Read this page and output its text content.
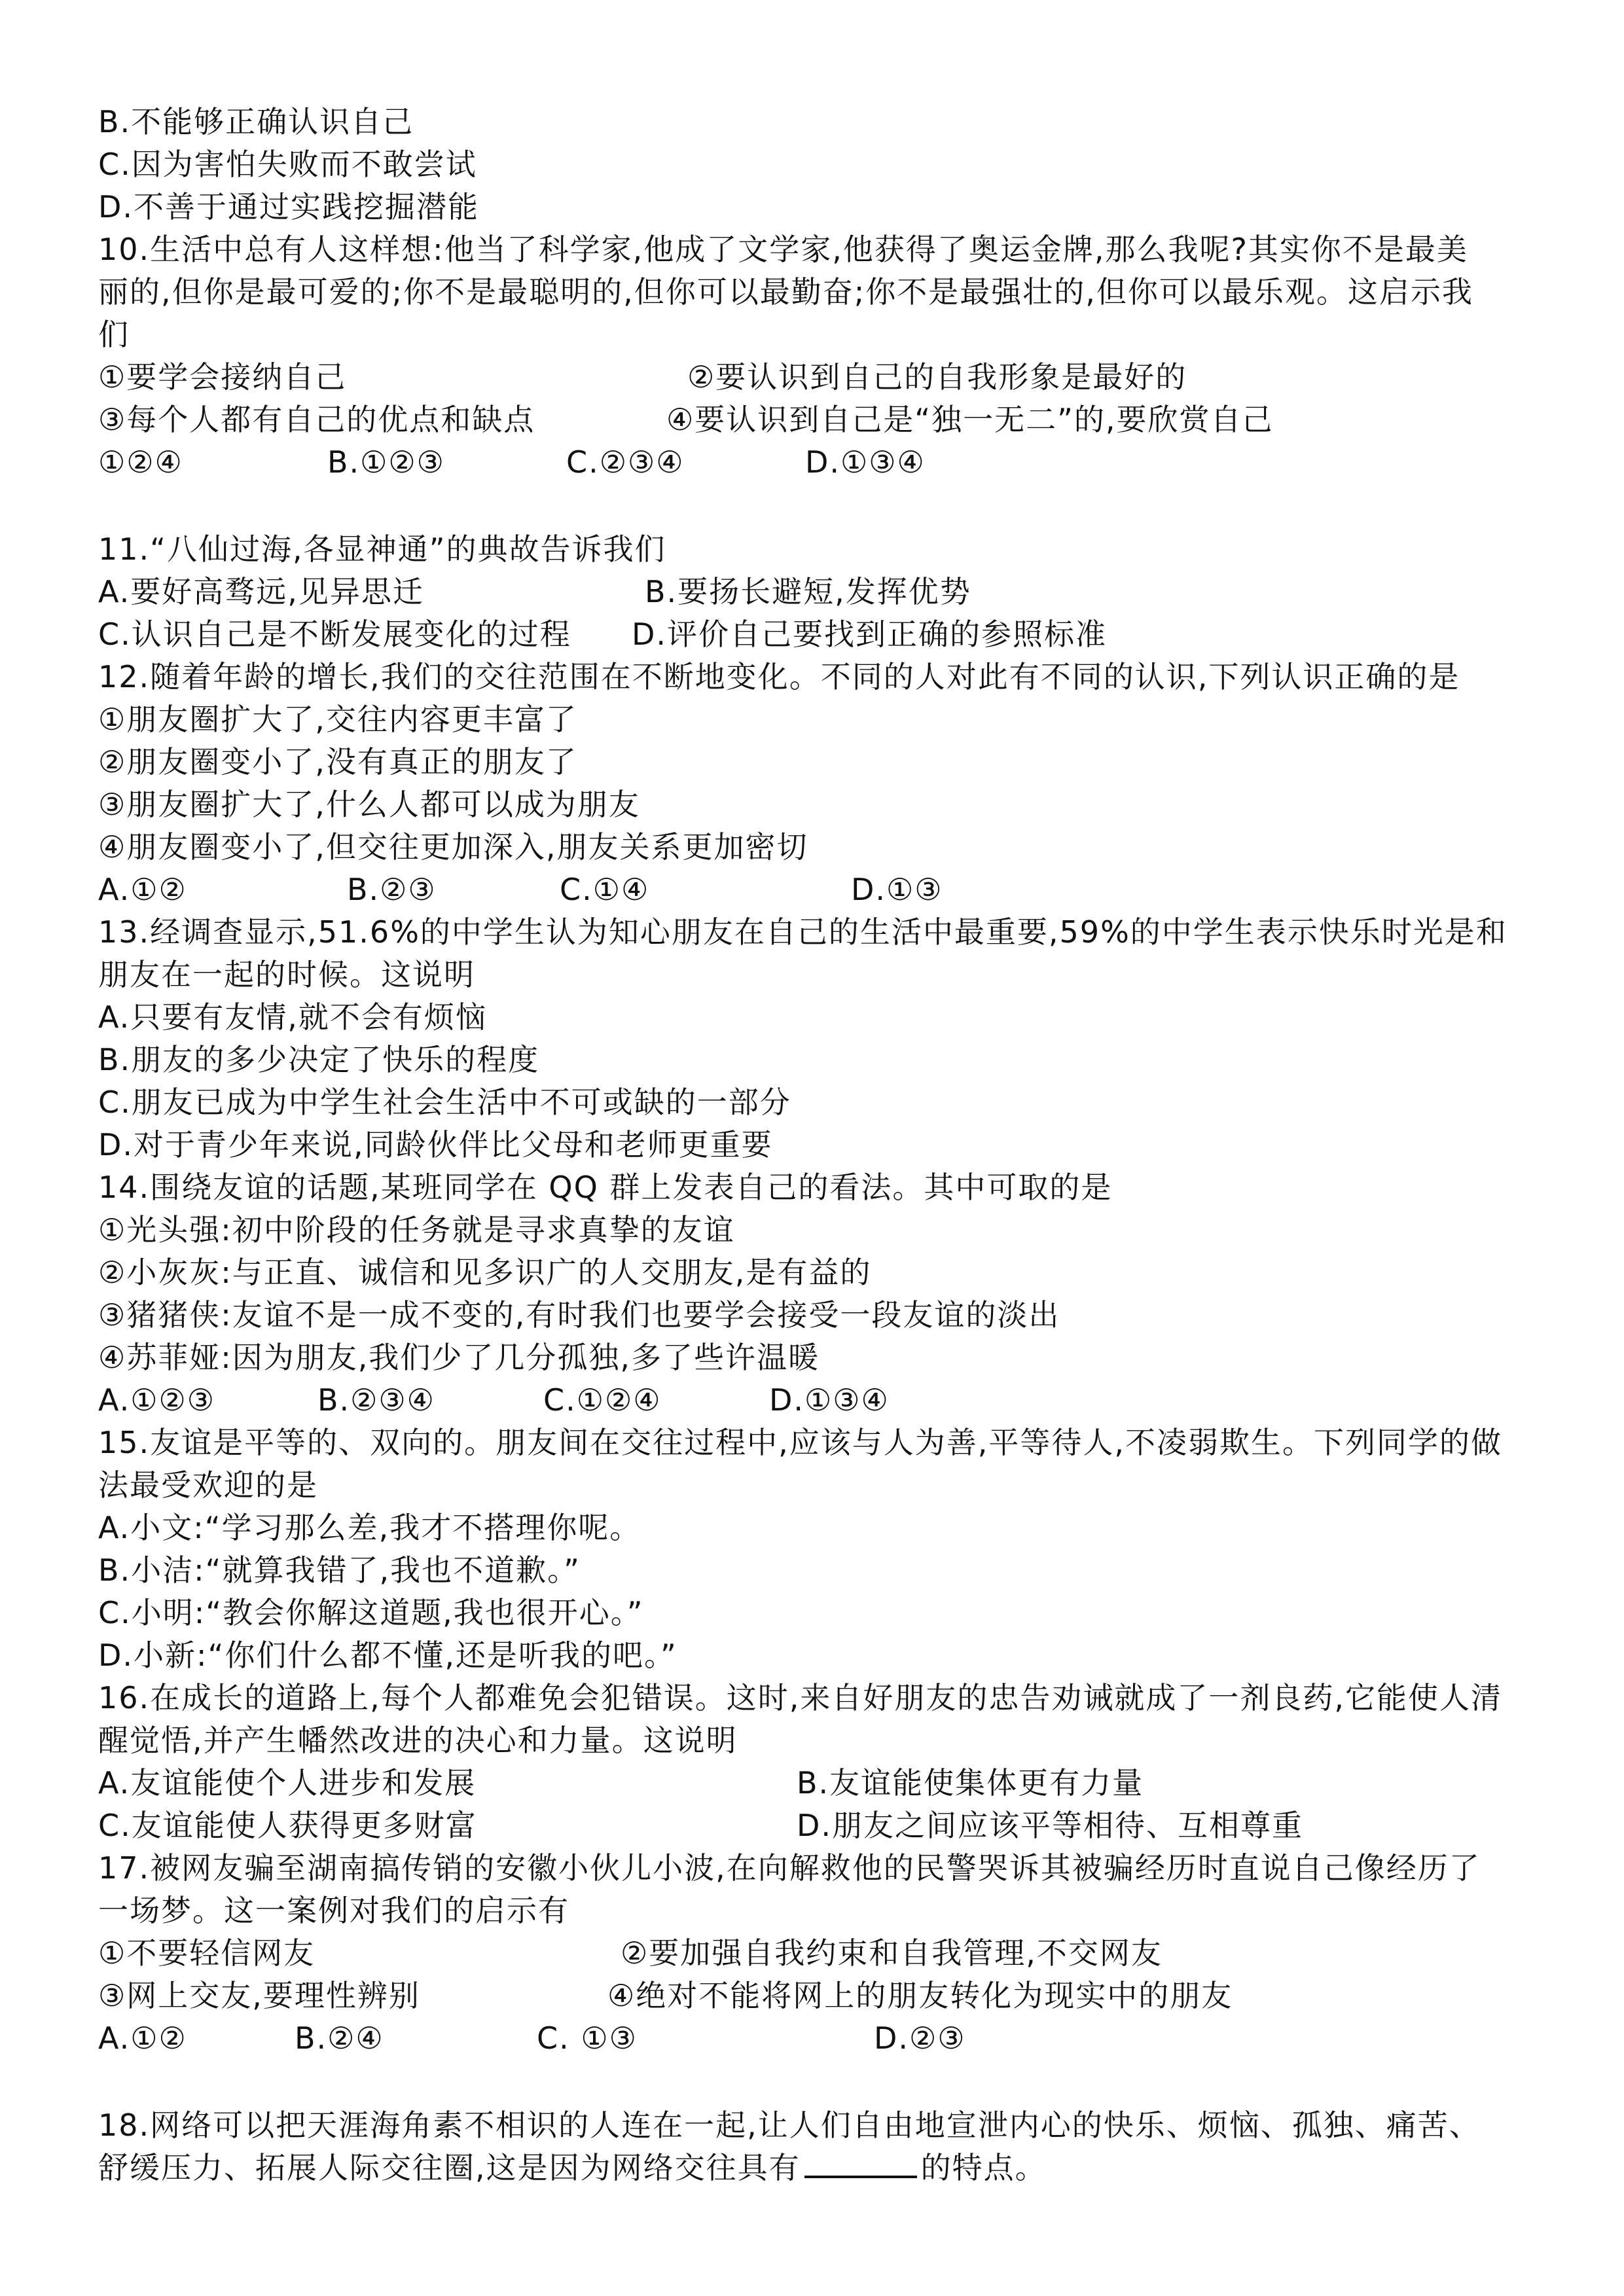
B.不能够正确认识自己
C.因为害怕失败而不敢尝试
D.不善于通过实践挖掘潜能
10.生活中总有人这样想:他当了科学家,他成了文学家,他获得了奥运金牌,那么我呢?其实你不是最美
丽的,但你是最可爱的;你不是最聪明的,但你可以最勤奋;你不是最强壮的,但你可以最乐观。这启示我
们

①要学会接纳自己

	②要认识到自己的自我形象是最好的

③每个人都有自己的优点和缺点

	④要认识到自己是“独一无二”的,要欣赏自己

①②④

	B.①②③

	C.②③④

	D.①③④

11.“八仙过海,各显神通”的典故告诉我们

A.要好高骛远,见异思迁

	B.要扬长避短,发挥优势

C.认识自己是不断发展变化的过程

D.评价自己要找到正确的参照标准

12.随着年龄的增长,我们的交往范围在不断地变化。不同的人对此有不同的认识,下列认识正确的是
①朋友圈扩大了,交往内容更丰富了
②朋友圈变小了,没有真正的朋友了
③朋友圈扩大了,什么人都可以成为朋友
④朋友圈变小了,但交往更加深入,朋友关系更加密切

A.①②

	B.②③

	C.①④

	D.①③

13.经调查显示,51.6%的中学生认为知心朋友在自己的生活中最重要,59%的中学生表示快乐时光是和
朋友在一起的时候。这说明
A.只要有友情,就不会有烦恼
B.朋友的多少决定了快乐的程度
C.朋友已成为中学生社会生活中不可或缺的一部分
D.对于青少年来说,同龄伙伴比父母和老师更重要
14.围绕友谊的话题,某班同学在 QQ 群上发表自己的看法。其中可取的是
①光头强:初中阶段的任务就是寻求真挚的友谊
②小灰灰:与正直、诚信和见多识广的人交朋友,是有益的
③猪猪侠:友谊不是一成不变的,有时我们也要学会接受一段友谊的淡出
④苏菲娅:因为朋友,我们少了几分孤独,多了些许温暖

A.①②③

	B.②③④

	C.①②④

	D.①③④

15.友谊是平等的、双向的。朋友间在交往过程中,应该与人为善,平等待人,不凌弱欺生。下列同学的做
法最受欢迎的是
A.小文:“学习那么差,我才不搭理你呢。
B.小洁:“就算我错了,我也不道歉。”
C.小明:“教会你解这道题,我也很开心。”
D.小新:“你们什么都不懂,还是听我的吧。”
16.在成长的道路上,每个人都难免会犯错误。这时,来自好朋友的忠告劝诫就成了一剂良药,它能使人清
醒觉悟,并产生幡然改进的决心和力量。这说明

A.友谊能使个人进步和发展

	B.友谊能使集体更有力量

C.友谊能使人获得更多财富

	D.朋友之间应该平等相待、互相尊重

17.被网友骗至湖南搞传销的安徽小伙儿小波,在向解救他的民警哭诉其被骗经历时直说自己像经历了
一场梦。这一案例对我们的启示有

①不要轻信网友

	②要加强自我约束和自我管理,不交网友

③网上交友,要理性辨别

	④绝对不能将网上的朋友转化为现实中的朋友

A.①②

	B.②④

	C. ①③

	D.②③

18.网络可以把天涯海角素不相识的人连在一起,让人们自由地宣泄内心的快乐、烦恼、孤独、痛苦、
舒缓压力、拓展人际交往圈,这是因为网络交往具有	的特点。
